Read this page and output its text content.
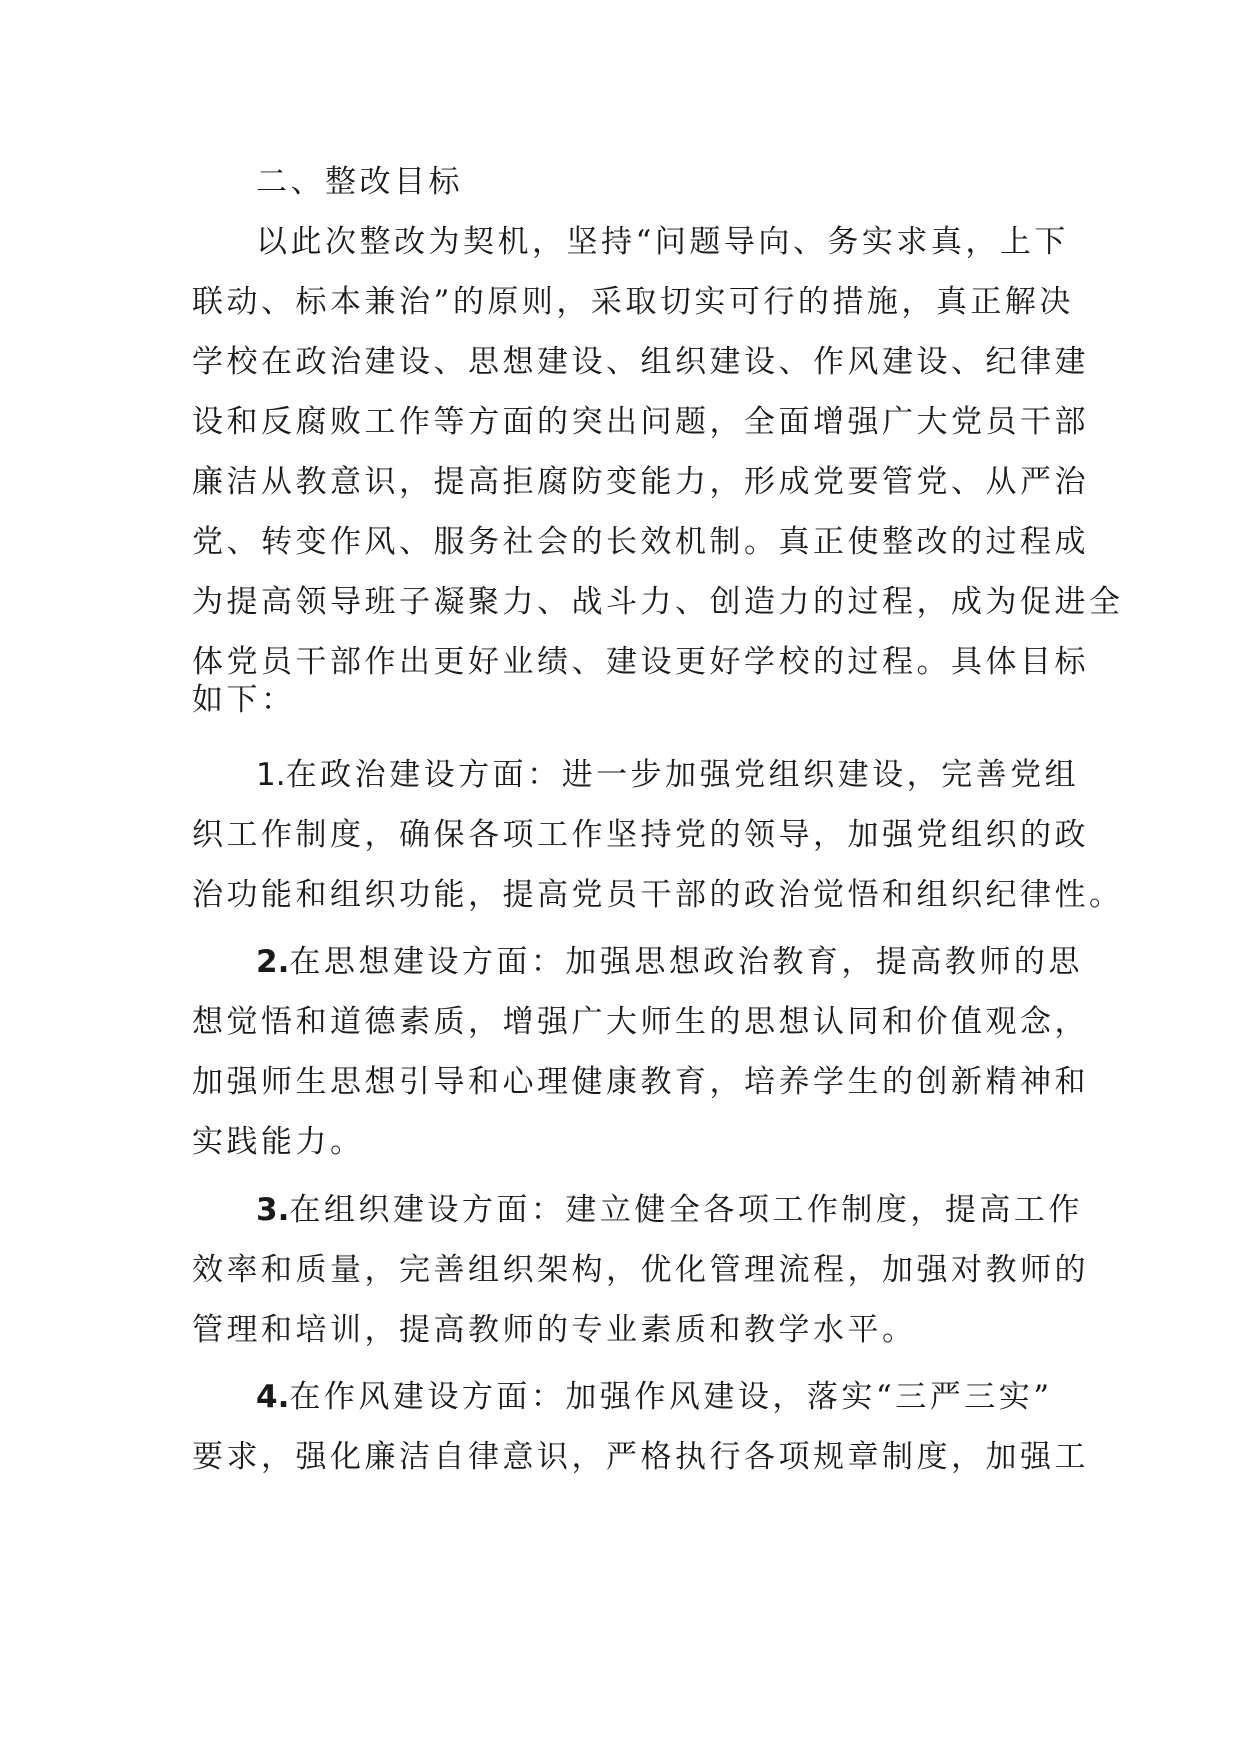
二、整改目标
以此次整改为契机，坚持“问题导向、务实求真，上下
联动、标本兼治”的原则，采取切实可行的措施，真正解决
学校在政治建设、思想建设、组织建设、作风建设、纪律建
设和反腐败工作等方面的突出问题，全面增强广大党员干部
廉洁从教意识，提高拒腐防变能力，形成党要管党、从严治
党、转变作风、服务社会的长效机制。真正使整改的过程成
为提高领导班子凝聚力、战斗力、创造力的过程，成为促进全
体党员干部作出更好业绩、建设更好学校的过程。具体目标
如下：
1.在政治建设方面：进一步加强党组织建设，完善党组
织工作制度，确保各项工作坚持党的领导，加强党组织的政
治功能和组织功能，提高党员干部的政治觉悟和组织纪律性。
2.在思想建设方面：加强思想政治教育，提高教师的思
想觉悟和道德素质，增强广大师生的思想认同和价值观念，
加强师生思想引导和心理健康教育，培养学生的创新精神和
实践能力。
3.在组织建设方面：建立健全各项工作制度，提高工作
效率和质量，完善组织架构，优化管理流程，加强对教师的
管理和培训，提高教师的专业素质和教学水平。
4.在作风建设方面：加强作风建设，落实“三严三实”
要求，强化廉洁自律意识，严格执行各项规章制度，加强工
